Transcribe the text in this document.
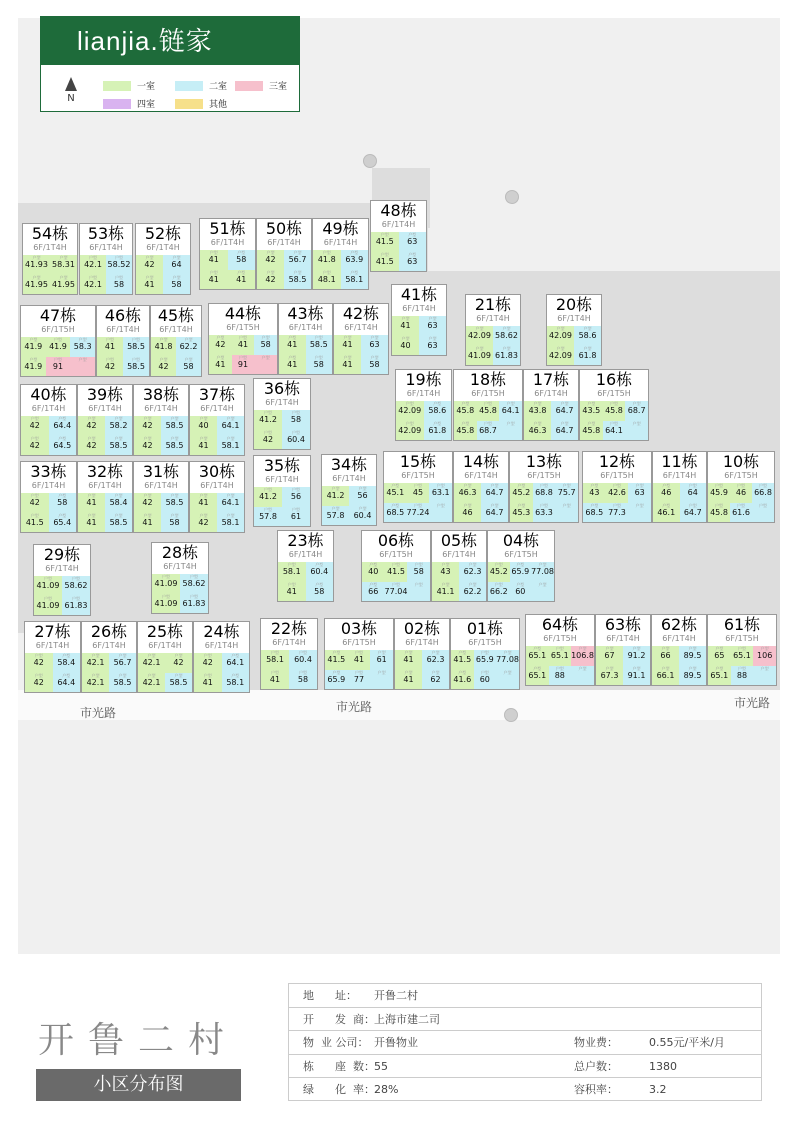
市光路	市光路	市光路
lianjia.链家
N
一室	二室	三室
四室	其他
54栋
6F/1T4H
户型 41.93 户型 58.31
户型 41.95 户型 41.95
53栋
6F/1T4H
户型 42.1 户型 58.52
户型 42.1	户型 58
52栋
6F/1T4H
户型 42	户型 64
户型 41	户型 58
51栋
6F/1T4H
户型 41	户型 58
户型 41	户型 41
50栋
6F/1T4H
户型 42	户型 56.7
户型 42	户型 58.5
49栋
6F/1T4H
户型 41.8	户型 63.9
户型 48.1	户型 58.1
48栋
6F/1T4H
户型 41.5	户型 63
户型 41.5	户型 63
47栋
6F/1T5H
户型 41.9 户型 41.9 户型 58.3
户型 41.9	户型 91
户型
46栋
6F/1T4H
户型 41	户型 58.5
户型 42	户型 58.5
45栋
6F/1T4H
户型 41.8 户型 62.2
户型 42	户型 58
44栋
6F/1T5H
户型 42	户型 41	户型 58
户型 41	户型 91
户型
43栋
6F/1T4H
户型 41	户型 58.5
户型 41	户型 58
42栋
6F/1T4H
户型 41	户型 63
户型 41	户型 58
41栋
6F/1T4H
户型 41	户型 63
户型 40	户型 63
21栋
6F/1T4H
户型 42.09 户型 58.62
户型 41.09 户型 61.83
20栋
6F/1T4H
户型 42.09 户型 58.6
户型 42.09 户型 61.8
40栋
6F/1T4H
户型 42	户型 64.4
户型 42	户型 64.5
39栋
6F/1T4H
户型 42	户型 58.2
户型 42	户型 58.5
38栋
6F/1T4H
户型 42	户型 58.5
户型 42	户型 58.5
37栋
6F/1T4H
户型 40	户型 64.1
户型 41	户型 58.1
36栋
6F/1T4H
户型 41.2	户型 58
户型 42	户型 60.4
19栋
6F/1T4H
户型 42.09 户型 58.6
户型 42.09 户型 61.8
18栋
6F/1T5H
户型 45.8 户型 45.8 户型 64.1
户型 45.8 户型 68.7
户型
17栋
6F/1T4H
户型 43.8	户型 64.7
户型 46.3	户型 64.7
16栋
6F/1T5H
户型 43.5 户型 45.8 户型 68.7
户型 45.8 户型 64.1
户型
33栋
6F/1T4H
户型 42	户型 58
户型 41.5	户型 65.4
32栋
6F/1T4H
户型 41	户型 58.4
户型 41	户型 58.5
31栋
6F/1T4H
户型 42	户型 58.5
户型 41	户型 58
30栋
6F/1T4H
户型 41	户型 64.1
户型 42	户型 58.1
35栋
6F/1T4H
户型 41.2	户型 56
户型 57.8	户型 61
34栋
6F/1T4H
户型 41.2	户型 56
户型 57.8	户型 60.4
15栋
6F/1T5H
户型 45.1	户型 45	户型 63.1
户型 68.5 户型 77.24
户型
14栋
6F/1T4H
户型 46.3	户型 64.7
户型 46	户型 64.7
13栋
6F/1T5H
户型 45.2 户型 68.8 户型 75.7
户型 45.3 户型 63.3
户型
12栋
6F/1T5H
户型 43	户型 42.6	户型 63
户型 68.5 户型 77.3
户型
11栋
6F/1T4H
户型 46	户型 64
户型 46.1	户型 64.7
10栋
6F/1T5H
户型 45.9	户型 46	户型 66.8
户型 45.8 户型 61.6
户型
29栋
6F/1T4H
户型 41.09 户型 58.62
户型 41.09 户型 61.83
28栋
6F/1T4H
户型 41.09 户型 58.62
户型 41.09 户型 61.83
23栋
6F/1T4H
户型 58.1	户型 60.4
户型 41	户型 58
06栋
6F/1T5H
户型 40	户型 41.5	户型 58
户型 66 户型 77.04
户型
05栋
6F/1T4H
户型 43	户型 62.3
户型 41.1	户型 62.2
04栋
6F/1T5H
户型 45.2 户型 65.9 户型 77.08
户型 66.2 户型 60
户型
27栋
6F/1T4H
户型 42	户型 58.4
户型 42	户型 64.4
26栋
6F/1T4H
户型 42.1	户型 56.7
户型 42.1	户型 58.5
25栋
6F/1T4H
户型 42.1	户型 42
户型 42.1	户型 58.5
24栋
6F/1T4H
户型 42	户型 64.1
户型 41	户型 58.1
22栋
6F/1T4H
户型 58.1	户型 60.4
户型 41	户型 58
03栋
6F/1T5H
户型 41.5	户型 41	户型 61
户型 65.9	户型 77
户型
02栋
6F/1T4H
户型 41	户型 62.3
户型 41	户型 62
01栋
6F/1T5H
户型 41.5 户型 65.9 户型 77.08
户型 41.6	户型 60
户型
64栋
6F/1T5H
户型 65.1 户型 65.1 户型 106.8
户型 65.1	户型 88
户型
63栋
6F/1T4H
户型 67	户型 91.2
户型 67.3	户型 91.1
62栋
6F/1T4H
户型 66	户型 89.5
户型 66.1	户型 89.5
61栋
6F/1T5H
户型 65	户型 65.1 户型 106
户型 65.1	户型 88
户型
开鲁二村
小区分布图
地      址：	开鲁二村
开      发  商： 上海市建二司
物  业 公司： 开鲁物业	物业费：	0.55元/平米/月
栋      座  数： 55	总户数：	1380
绿      化  率： 28%	容积率：	3.2
